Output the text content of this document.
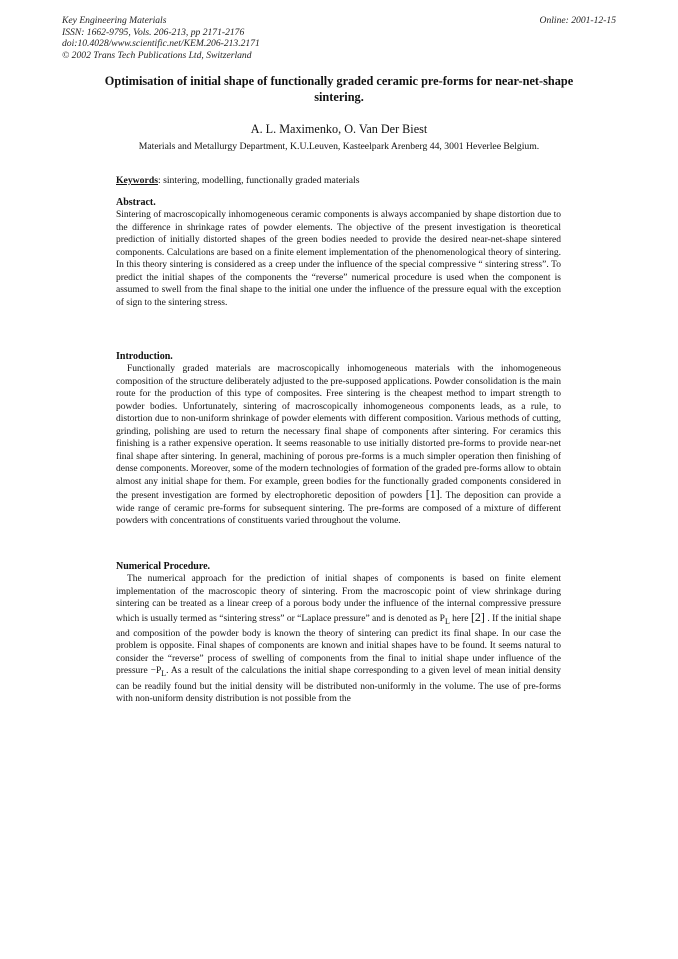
Key Engineering Materials
ISSN: 1662-9795, Vols. 206-213, pp 2171-2176
doi:10.4028/www.scientific.net/KEM.206-213.2171
© 2002 Trans Tech Publications Ltd, Switzerland
Online: 2001-12-15
Optimisation of initial shape of functionally graded ceramic pre-forms for near-net-shape sintering.
A. L. Maximenko, O. Van Der Biest
Materials and Metallurgy Department, K.U.Leuven, Kasteelpark Arenberg 44, 3001 Heverlee Belgium.
Keywords: sintering, modelling, functionally graded materials
Abstract.
Sintering of macroscopically inhomogeneous ceramic components is always accompanied by shape distortion due to the difference in shrinkage rates of powder elements. The objective of the present investigation is theoretical prediction of initially distorted shapes of the green bodies needed to provide the desired near-net-shape sintered components. Calculations are based on a finite element implementation of the phenomenological theory of sintering. In this theory sintering is considered as a creep under the influence of the special compressive “ sintering stress”. To predict the initial shapes of the components the “reverse” numerical procedure is used when the component is assumed to swell from the final shape to the initial one under the influence of the pressure equal with the exception of sign to the sintering stress.
Introduction.
Functionally graded materials are macroscopically inhomogeneous materials with the inhomogeneous composition of the structure deliberately adjusted to the pre-supposed applications. Powder consolidation is the main route for the production of this type of composites. Free sintering is the cheapest method to impart strength to powder bodies. Unfortunately, sintering of macroscopically inhomogeneous components leads, as a rule, to distortion due to non-uniform shrinkage of powder elements with different composition. Various methods of cutting, grinding, polishing are used to return the necessary final shape of components after sintering. For ceramics this finishing is a rather expensive operation. It seems reasonable to use initially distorted pre-forms to provide near-net final shape after sintering. In general, machining of porous pre-forms is a much simpler operation then finishing of dense components. Moreover, some of the modern technologies of formation of the graded pre-forms allow to obtain almost any initial shape for them. For example, green bodies for the functionally graded components considered in the present investigation are formed by electrophoretic deposition of powders [1]. The deposition can provide a wide range of ceramic pre-forms for subsequent sintering. The pre-forms are composed of a mixture of different powders with concentrations of constituents varied throughout the volume.
Numerical Procedure.
The numerical approach for the prediction of initial shapes of components is based on finite element implementation of the macroscopic theory of sintering. From the macroscopic point of view shrinkage during sintering can be treated as a linear creep of a porous body under the influence of the internal compressive pressure which is usually termed as “sintering stress” or “Laplace pressure” and is denoted as $P_L$ here [2] . If the initial shape and composition of the powder body is known the theory of sintering can predict its final shape. In our case the problem is opposite. Final shapes of components are known and initial shapes have to be found. It seems natural to consider the “reverse” process of swelling of components from the final to initial shape under influence of the pressure $-P_L$. As a result of the calculations the initial shape corresponding to a given level of mean initial density can be readily found but the initial density will be distributed non-uniformly in the volume. The use of pre-forms with non-uniform density distribution is not possible from the
